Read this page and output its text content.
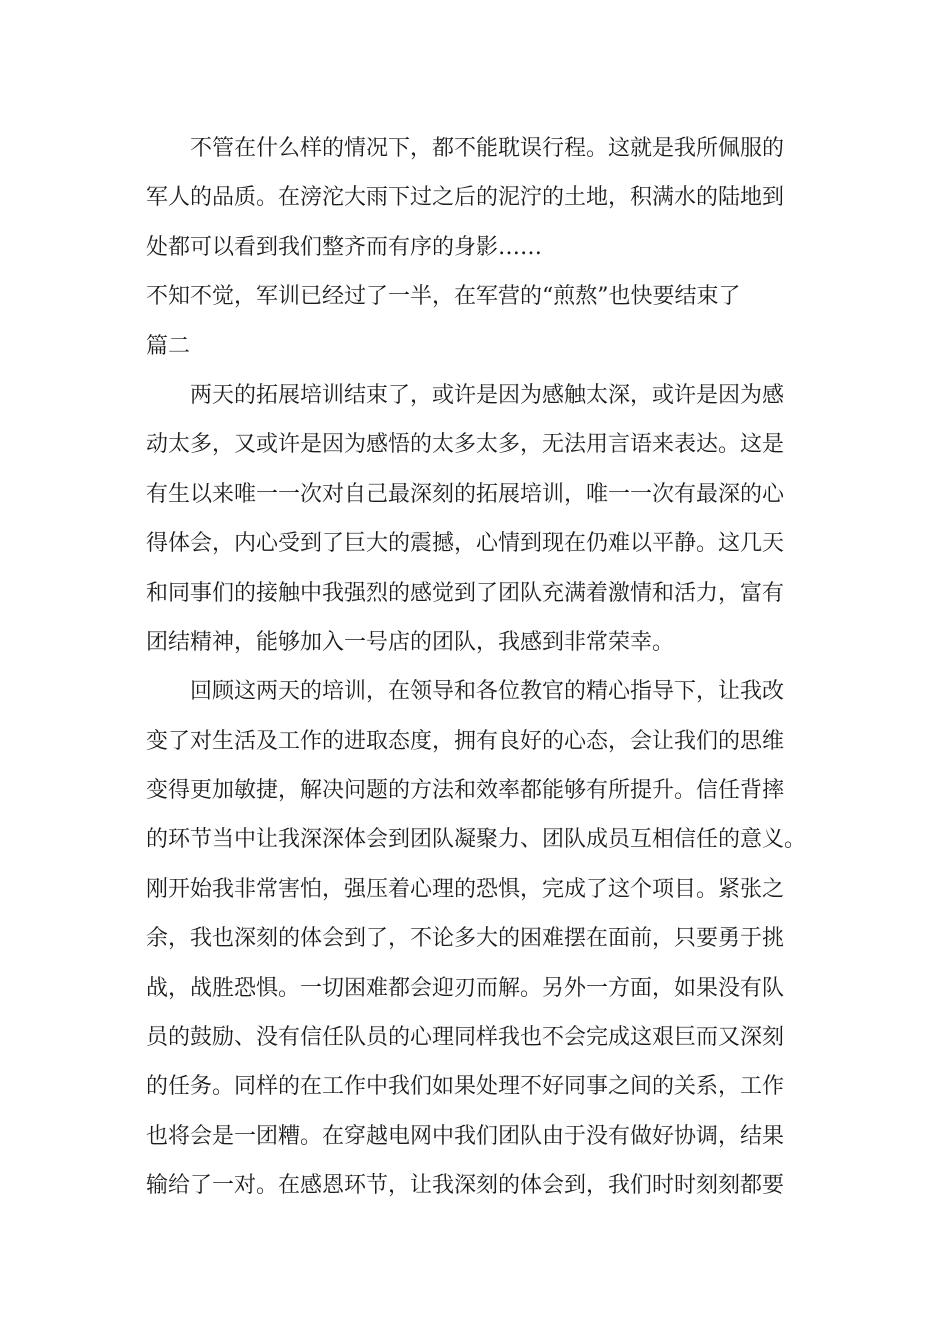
不管在什么样的情况下，都不能耽误行程。这就是我所佩服的
军人的品质。在滂沱大雨下过之后的泥泞的土地，积满水的陆地到
处都可以看到我们整齐而有序的身影……
不知不觉，军训已经过了一半，在军营的“煎熬”也快要结束了
篇二
两天的拓展培训结束了，或许是因为感触太深，或许是因为感
动太多，又或许是因为感悟的太多太多，无法用言语来表达。这是
有生以来唯一一次对自己最深刻的拓展培训，唯一一次有最深的心
得体会，内心受到了巨大的震撼，心情到现在仍难以平静。这几天
和同事们的接触中我强烈的感觉到了团队充满着激情和活力，富有
团结精神，能够加入一号店的团队，我感到非常荣幸。
回顾这两天的培训，在领导和各位教官的精心指导下，让我改
变了对生活及工作的进取态度，拥有良好的心态，会让我们的思维
变得更加敏捷，解决问题的方法和效率都能够有所提升。信任背摔
的环节当中让我深深体会到团队凝聚力、团队成员互相信任的意义。
刚开始我非常害怕，强压着心理的恐惧，完成了这个项目。紧张之
余，我也深刻的体会到了，不论多大的困难摆在面前，只要勇于挑
战，战胜恐惧。一切困难都会迎刃而解。另外一方面，如果没有队
员的鼓励、没有信任队员的心理同样我也不会完成这艰巨而又深刻
的任务。同样的在工作中我们如果处理不好同事之间的关系，工作
也将会是一团糟。在穿越电网中我们团队由于没有做好协调，结果
输给了一对。在感恩环节，让我深刻的体会到，我们时时刻刻都要
